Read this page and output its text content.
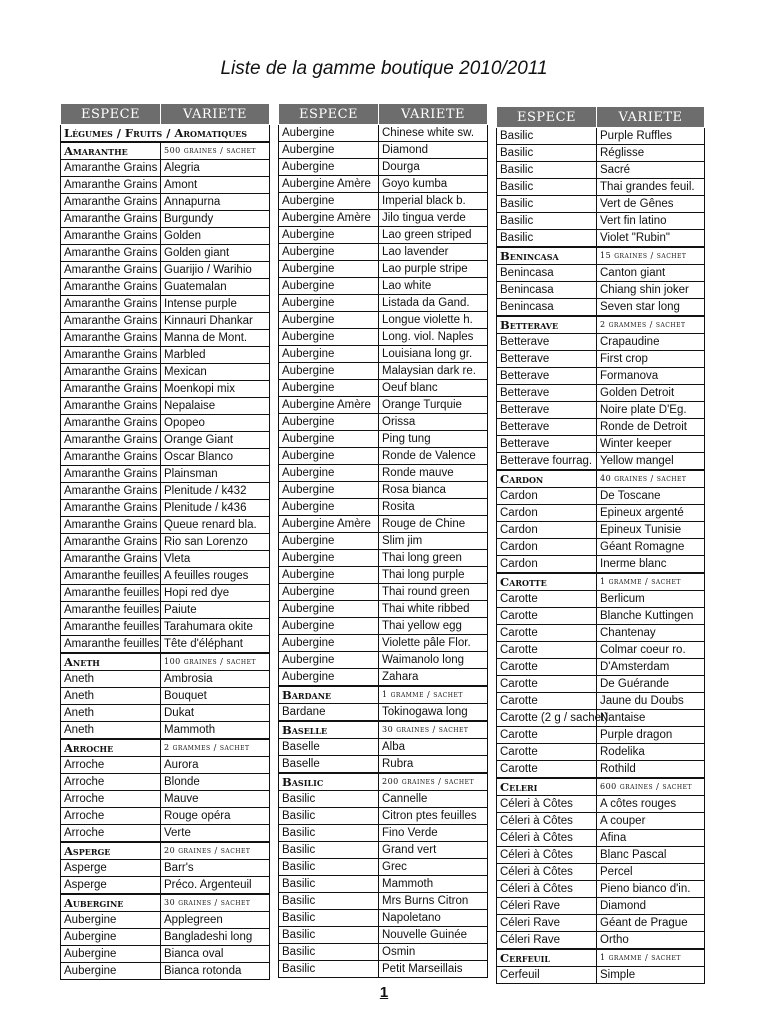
Liste de la gamme boutique 2010/2011
ESPECE	VARIETE
Légumes / Fruits / Aromatiques	
Amaranthe	500 graines / sachet
Amaranthe Grains	Alegria
Amaranthe Grains	Amont
Amaranthe Grains	Annapurna
Amaranthe Grains	Burgundy
Amaranthe Grains	Golden
Amaranthe Grains	Golden giant
Amaranthe Grains	Guarijio / Warihio
Amaranthe Grains	Guatemalan
Amaranthe Grains	Intense purple
Amaranthe Grains	Kinnauri Dhankar
Amaranthe Grains	Manna de Mont.
Amaranthe Grains	Marbled
Amaranthe Grains	Mexican
Amaranthe Grains	Moenkopi mix
Amaranthe Grains	Nepalaise
Amaranthe Grains	Opopeo
Amaranthe Grains	Orange Giant
Amaranthe Grains	Oscar Blanco
Amaranthe Grains	Plainsman
Amaranthe Grains	Plenitude / k432
Amaranthe Grains	Plenitude / k436
Amaranthe Grains	Queue renard bla.
Amaranthe Grains	Rio san Lorenzo
Amaranthe Grains	Vleta
Amaranthe feuilles	A feuilles rouges
Amaranthe feuilles	Hopi red dye
Amaranthe feuilles	Paiute
Amaranthe feuilles	Tarahumara okite
Amaranthe feuilles	Tête d'éléphant
Aneth	100 graines / sachet
Aneth	Ambrosia
Aneth	Bouquet
Aneth	Dukat
Aneth	Mammoth
Arroche	2 grammes / sachet
Arroche	Aurora
Arroche	Blonde
Arroche	Mauve
Arroche	Rouge opéra
Arroche	Verte
Asperge	20 graines / sachet
Asperge	Barr's
Asperge	Préco. Argenteuil
Aubergine	30 graines / sachet
Aubergine	Applegreen
Aubergine	Bangladeshi long
Aubergine	Bianca oval
Aubergine	Bianca rotonda
ESPECE	VARIETE
Aubergine	Chinese white sw.
Aubergine	Diamond
Aubergine	Dourga
Aubergine Amère	Goyo kumba
Aubergine	Imperial black b.
Aubergine Amère	Jilo tingua verde
Aubergine	Lao green striped
Aubergine	Lao lavender
Aubergine	Lao purple stripe
Aubergine	Lao white
Aubergine	Listada da Gand.
Aubergine	Longue violette h.
Aubergine	Long. viol. Naples
Aubergine	Louisiana long gr.
Aubergine	Malaysian dark re.
Aubergine	Oeuf blanc
Aubergine Amère	Orange Turquie
Aubergine	Orissa
Aubergine	Ping tung
Aubergine	Ronde de Valence
Aubergine	Ronde mauve
Aubergine	Rosa bianca
Aubergine	Rosita
Aubergine Amère	Rouge de Chine
Aubergine	Slim jim
Aubergine	Thai long green
Aubergine	Thai long purple
Aubergine	Thai round green
Aubergine	Thai white ribbed
Aubergine	Thai yellow egg
Aubergine	Violette pâle Flor.
Aubergine	Waimanolo long
Aubergine	Zahara
Bardane	1 gramme / sachet
Bardane	Tokinogawa long
Baselle	30 graines / sachet
Baselle	Alba
Baselle	Rubra
Basilic	200 graines / sachet
Basilic	Cannelle
Basilic	Citron ptes feuilles
Basilic	Fino Verde
Basilic	Grand vert
Basilic	Grec
Basilic	Mammoth
Basilic	Mrs Burns Citron
Basilic	Napoletano
Basilic	Nouvelle Guinée
Basilic	Osmin
Basilic	Petit Marseillais
ESPECE	VARIETE
Basilic	Purple Ruffles
Basilic	Réglisse
Basilic	Sacré
Basilic	Thai grandes feuil.
Basilic	Vert de Gênes
Basilic	Vert fin latino
Basilic	Violet "Rubin"
Benincasa	15 graines / sachet
Benincasa	Canton giant
Benincasa	Chiang shin joker
Benincasa	Seven star long
Betterave	2 grammes / sachet
Betterave	Crapaudine
Betterave	First crop
Betterave	Formanova
Betterave	Golden Detroit
Betterave	Noire plate D'Eg.
Betterave	Ronde de Detroit
Betterave	Winter keeper
Betterave fourrag.	Yellow mangel
Cardon	40 graines / sachet
Cardon	De Toscane
Cardon	Epineux argenté
Cardon	Epineux Tunisie
Cardon	Géant Romagne
Cardon	Inerme blanc
Carotte	1 gramme / sachet
Carotte	Berlicum
Carotte	Blanche Kuttingen
Carotte	Chantenay
Carotte	Colmar coeur ro.
Carotte	D'Amsterdam
Carotte	De Guérande
Carotte	Jaune du Doubs
Carotte (2 g / sachet)	Nantaise
Carotte	Purple dragon
Carotte	Rodelika
Carotte	Rothild
Celeri	600 graines / sachet
Céleri à Côtes	A côtes rouges
Céleri à Côtes	A couper
Céleri à Côtes	Afina
Céleri à Côtes	Blanc Pascal
Céleri à Côtes	Percel
Céleri à Côtes	Pieno bianco d'in.
Céleri Rave	Diamond
Céleri Rave	Géant de Prague
Céleri Rave	Ortho
Cerfeuil	1 gramme / sachet
Cerfeuil	Simple
1
